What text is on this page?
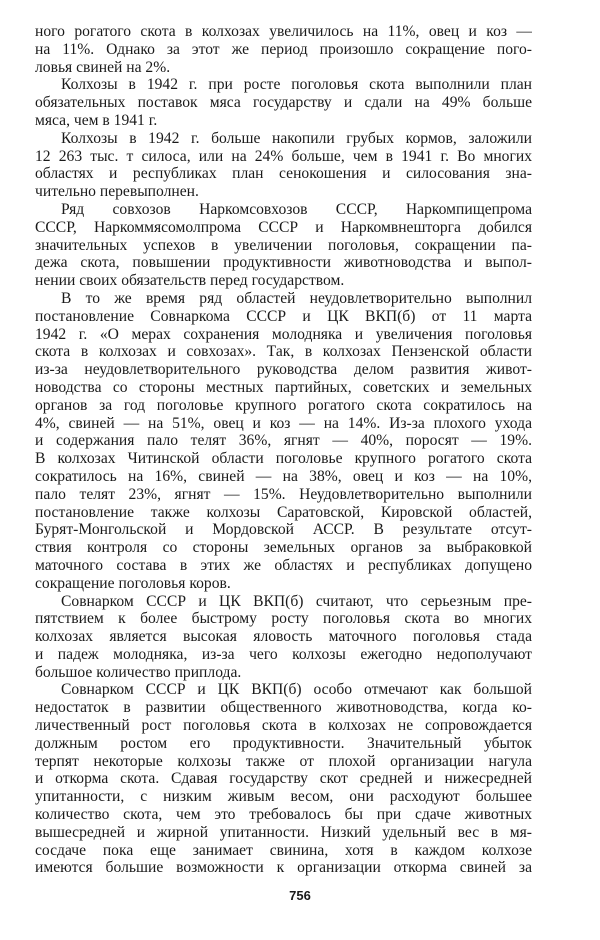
ного рогатого скота в колхозах увеличилось на 11%, овец и коз —
на 11%. Однако за этот же период произошло сокращение пого-
ловья свиней на 2%.
Колхозы в 1942 г. при росте поголовья скота выполнили план
обязательных поставок мяса государству и сдали на 49% больше
мяса, чем в 1941 г.
Колхозы в 1942 г. больше накопили грубых кормов, заложили
12 263 тыс. т силоса, или на 24% больше, чем в 1941 г. Во многих
областях и республиках план сенокошения и силосования зна-
чительно перевыполнен.
Ряд совхозов Наркомсовхозов СССР, Наркомпищепрома
СССР, Наркоммясомолпрома СССР и Наркомвнешторга добился
значительных успехов в увеличении поголовья, сокращении па-
дежа скота, повышении продуктивности животноводства и выпол-
нении своих обязательств перед государством.
В то же время ряд областей неудовлетворительно выполнил
постановление Совнаркома СССР и ЦК ВКП(б) от 11 марта
1942 г. «О мерах сохранения молодняка и увеличения поголовья
скота в колхозах и совхозах». Так, в колхозах Пензенской области
из-за неудовлетворительного руководства делом развития живот-
новодства со стороны местных партийных, советских и земельных
органов за год поголовье крупного рогатого скота сократилось на
4%, свиней — на 51%, овец и коз — на 14%. Из-за плохого ухода
и содержания пало телят 36%, ягнят — 40%, поросят — 19%.
В колхозах Читинской области поголовье крупного рогатого скота
сократилось на 16%, свиней — на 38%, овец и коз — на 10%,
пало телят 23%, ягнят — 15%. Неудовлетворительно выполнили
постановление также колхозы Саратовской, Кировской областей,
Бурят-Монгольской и Мордовской АССР. В результате отсут-
ствия контроля со стороны земельных органов за выбраковкой
маточного состава в этих же областях и республиках допущено
сокращение поголовья коров.
Совнарком СССР и ЦК ВКП(б) считают, что серьезным пре-
пятствием к более быстрому росту поголовья скота во многих
колхозах является высокая яловость маточного поголовья стада
и падеж молодняка, из-за чего колхозы ежегодно недополучают
большое количество приплода.
Совнарком СССР и ЦК ВКП(б) особо отмечают как большой
недостаток в развитии общественного животноводства, когда ко-
личественный рост поголовья скота в колхозах не сопровождается
должным ростом его продуктивности. Значительный убыток
терпят некоторые колхозы также от плохой организации нагула
и откорма скота. Сдавая государству скот средней и нижесредней
упитанности, с низким живым весом, они расходуют большее
количество скота, чем это требовалось бы при сдаче животных
вышесредней и жирной упитанности. Низкий удельный вес в мя-
сосдаче пока еще занимает свинина, хотя в каждом колхозе
имеются большие возможности к организации откорма свиней за
756
